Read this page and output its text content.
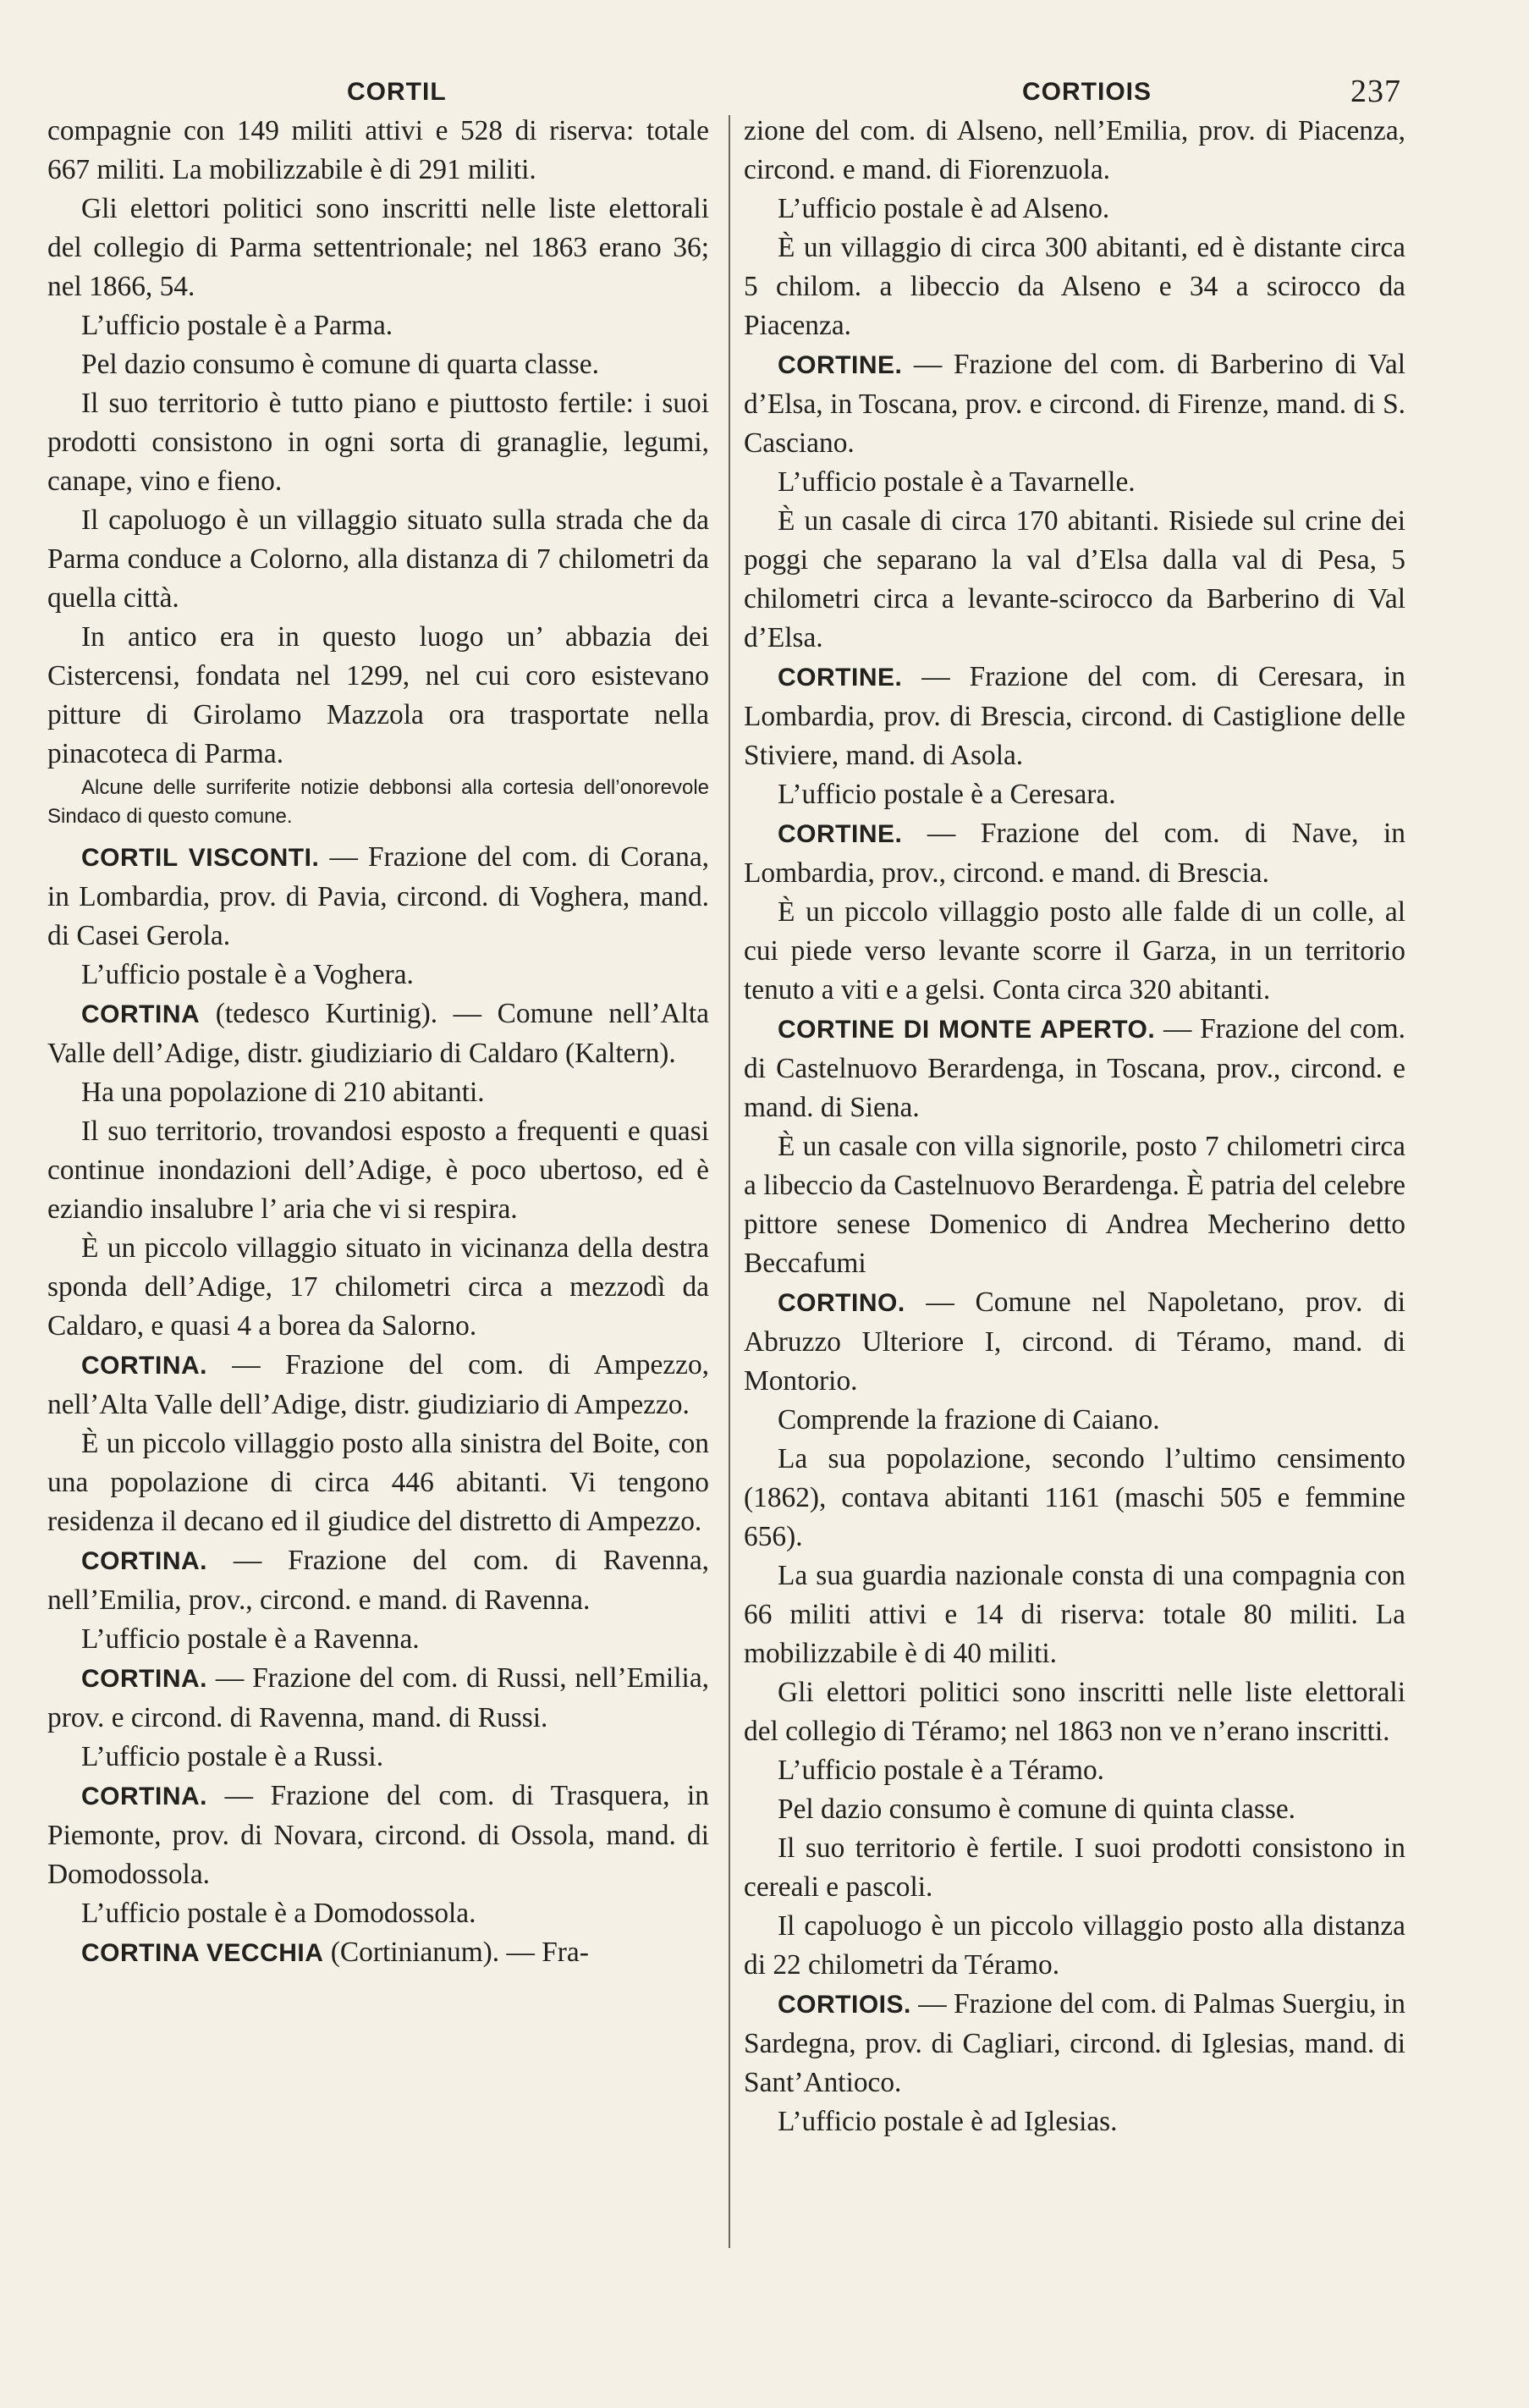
CORTIL	CORTIOIS	237

compagnie con 149 militi attivi e 528 di riserva: totale 667 militi. La mobilizzabile è di 291 militi.

Gli elettori politici sono inscritti nelle liste elettorali del collegio di Parma settentrionale; nel 1863 erano 36; nel 1866, 54.

L’ufficio postale è a Parma.

Pel dazio consumo è comune di quarta classe.

Il suo territorio è tutto piano e piuttosto fertile: i suoi prodotti consistono in ogni sorta di granaglie, legumi, canape, vino e fieno.

Il capoluogo è un villaggio situato sulla strada che da Parma conduce a Colorno, alla distanza di 7 chilometri da quella città.

In antico era in questo luogo un’ abbazia dei Cistercensi, fondata nel 1299, nel cui coro esistevano pitture di Girolamo Mazzola ora trasportate nella pinacoteca di Parma.

Alcune delle surriferite notizie debbonsi alla cortesia dell’onorevole Sindaco di questo comune.

CORTIL VISCONTI. — Frazione del com. di Corana, in Lombardia, prov. di Pavia, circond. di Voghera, mand. di Casei Gerola.

L’ufficio postale è a Voghera.

CORTINA (tedesco Kurtinig). — Comune nell’Alta Valle dell’Adige, distr. giudiziario di Caldaro (Kaltern).

Ha una popolazione di 210 abitanti.

Il suo territorio, trovandosi esposto a frequenti e quasi continue inondazioni dell’Adige, è poco ubertoso, ed è eziandio insalubre l’ aria che vi si respira.

È un piccolo villaggio situato in vicinanza della destra sponda dell’Adige, 17 chilometri circa a mezzodì da Caldaro, e quasi 4 a borea da Salorno.

CORTINA. — Frazione del com. di Ampezzo, nell’Alta Valle dell’Adige, distr. giudiziario di Ampezzo.

È un piccolo villaggio posto alla sinistra del Boite, con una popolazione di circa 446 abitanti. Vi tengono residenza il decano ed il giudice del distretto di Ampezzo.

CORTINA. — Frazione del com. di Ravenna, nell’Emilia, prov., circond. e mand. di Ravenna.

L’ufficio postale è a Ravenna.

CORTINA. — Frazione del com. di Russi, nell’Emilia, prov. e circond. di Ravenna, mand. di Russi.

L’ufficio postale è a Russi.

CORTINA. — Frazione del com. di Trasquera, in Piemonte, prov. di Novara, circond. di Ossola, mand. di Domodossola.

L’ufficio postale è a Domodossola.

CORTINA VECCHIA (Cortinianum). — Fra-

zione del com. di Alseno, nell’Emilia, prov. di Piacenza, circond. e mand. di Fiorenzuola.

L’ufficio postale è ad Alseno.

È un villaggio di circa 300 abitanti, ed è distante circa 5 chilom. a libeccio da Alseno e 34 a scirocco da Piacenza.

CORTINE. — Frazione del com. di Barberino di Val d’Elsa, in Toscana, prov. e circond. di Firenze, mand. di S. Casciano.

L’ufficio postale è a Tavarnelle.

È un casale di circa 170 abitanti. Risiede sul crine dei poggi che separano la val d’Elsa dalla val di Pesa, 5 chilometri circa a levante-scirocco da Barberino di Val d’Elsa.

CORTINE. — Frazione del com. di Ceresara, in Lombardia, prov. di Brescia, circond. di Castiglione delle Stiviere, mand. di Asola.

L’ufficio postale è a Ceresara.

CORTINE. — Frazione del com. di Nave, in Lombardia, prov., circond. e mand. di Brescia.

È un piccolo villaggio posto alle falde di un colle, al cui piede verso levante scorre il Garza, in un territorio tenuto a viti e a gelsi. Conta circa 320 abitanti.

CORTINE DI MONTE APERTO. — Frazione del com. di Castelnuovo Berardenga, in Toscana, prov., circond. e mand. di Siena.

È un casale con villa signorile, posto 7 chilometri circa a libeccio da Castelnuovo Berardenga. È patria del celebre pittore senese Domenico di Andrea Mecherino detto Beccafumi

CORTINO. — Comune nel Napoletano, prov. di Abruzzo Ulteriore I, circond. di Téramo, mand. di Montorio.

Comprende la frazione di Caiano.

La sua popolazione, secondo l’ultimo censimento (1862), contava abitanti 1161 (maschi 505 e femmine 656).

La sua guardia nazionale consta di una compagnia con 66 militi attivi e 14 di riserva: totale 80 militi. La mobilizzabile è di 40 militi.

Gli elettori politici sono inscritti nelle liste elettorali del collegio di Téramo; nel 1863 non ve n’erano inscritti.

L’ufficio postale è a Téramo.

Pel dazio consumo è comune di quinta classe.

Il suo territorio è fertile. I suoi prodotti consistono in cereali e pascoli.

Il capoluogo è un piccolo villaggio posto alla distanza di 22 chilometri da Téramo.

CORTIOIS. — Frazione del com. di Palmas Suergiu, in Sardegna, prov. di Cagliari, circond. di Iglesias, mand. di Sant’Antioco.

L’ufficio postale è ad Iglesias.
